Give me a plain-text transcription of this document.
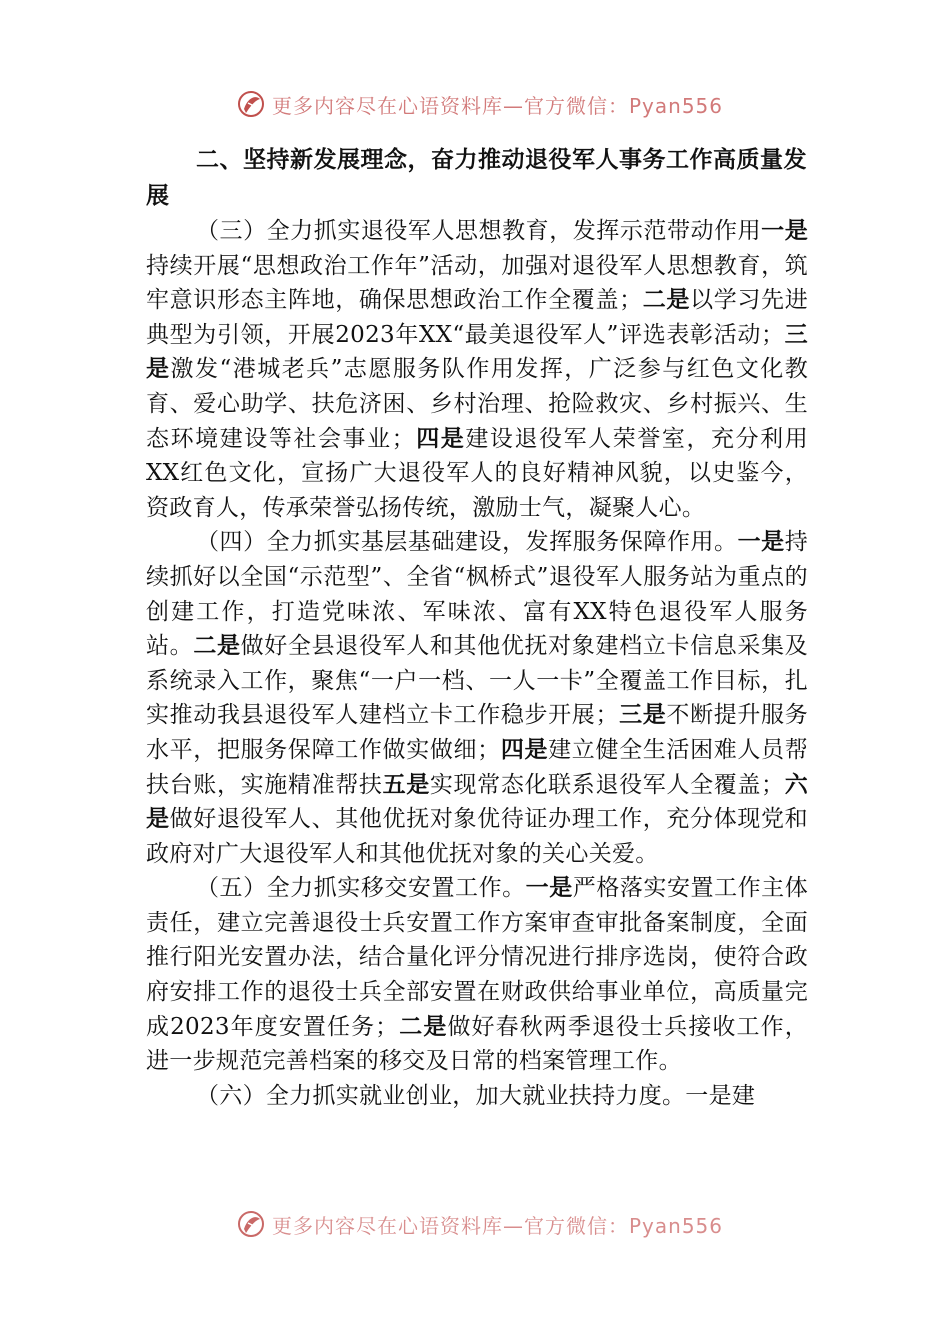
更多内容尽在心语资料库—官方微信：Pyan556
二、坚持新发展理念，奋力推动退役军人事务工作高质量发展

（三）全力抓实退役军人思想教育，发挥示范带动作用一是持续开展“思想政治工作年”活动，加强对退役军人思想教育，筑牢意识形态主阵地，确保思想政治工作全覆盖；二是以学习先进典型为引领，开展2023年XX“最美退役军人”评选表彰活动；三是激发“港城老兵”志愿服务队作用发挥，广泛参与红色文化教育、爱心助学、扶危济困、乡村治理、抢险救灾、乡村振兴、生态环境建设等社会事业；四是建设退役军人荣誉室，充分利用XX红色文化，宣扬广大退役军人的良好精神风貌，以史鉴今，资政育人，传承荣誉弘扬传统，激励士气，凝聚人心。

（四）全力抓实基层基础建设，发挥服务保障作用。一是持续抓好以全国“示范型”、全省“枫桥式”退役军人服务站为重点的创建工作，打造党味浓、军味浓、富有XX特色退役军人服务站。二是做好全县退役军人和其他优抚对象建档立卡信息采集及系统录入工作，聚焦“一户一档、一人一卡”全覆盖工作目标，扎实推动我县退役军人建档立卡工作稳步开展；三是不断提升服务水平，把服务保障工作做实做细；四是建立健全生活困难人员帮扶台账，实施精准帮扶五是实现常态化联系退役军人全覆盖；六是做好退役军人、其他优抚对象优待证办理工作，充分体现党和政府对广大退役军人和其他优抚对象的关心关爱。

（五）全力抓实移交安置工作。一是严格落实安置工作主体责任，建立完善退役士兵安置工作方案审查审批备案制度，全面推行阳光安置办法，结合量化评分情况进行排序选岗，使符合政府安排工作的退役士兵全部安置在财政供给事业单位，高质量完成2023年度安置任务；二是做好春秋两季退役士兵接收工作，进一步规范完善档案的移交及日常的档案管理工作。

（六）全力抓实就业创业，加大就业扶持力度。一是建

更多内容尽在心语资料库—官方微信：Pyan556
